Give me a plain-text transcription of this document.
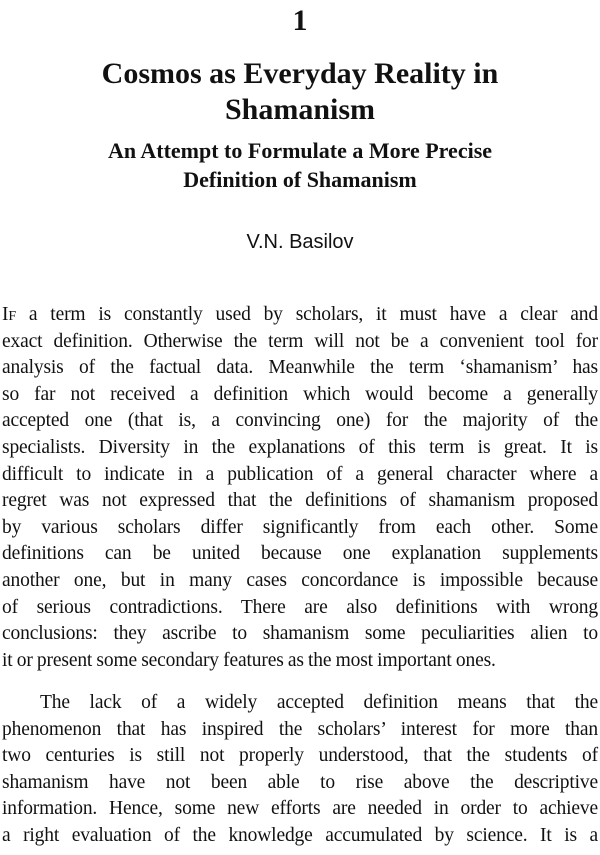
1
Cosmos as Everyday Reality in
Shamanism
An Attempt to Formulate a More Precise
Definition of Shamanism
V.N. Basilov
If a term is constantly used by scholars, it must have a clear and
exact definition. Otherwise the term will not be a convenient tool for
analysis of the factual data. Meanwhile the term ‘shamanism’ has
so far not received a definition which would become a generally
accepted one (that is, a convincing one) for the majority of the
specialists. Diversity in the explanations of this term is great. It is
difficult to indicate in a publication of a general character where a
regret was not expressed that the definitions of shamanism proposed
by various scholars differ significantly from each other. Some
definitions can be united because one explanation supplements
another one, but in many cases concordance is impossible because
of serious contradictions. There are also definitions with wrong
conclusions: they ascribe to shamanism some peculiarities alien to
it or present some secondary features as the most important ones.
The lack of a widely accepted definition means that the
phenomenon that has inspired the scholars’ interest for more than
two centuries is still not properly understood, that the students of
shamanism have not been able to rise above the descriptive
information. Hence, some new efforts are needed in order to achieve
a right evaluation of the knowledge accumulated by science. It is a
